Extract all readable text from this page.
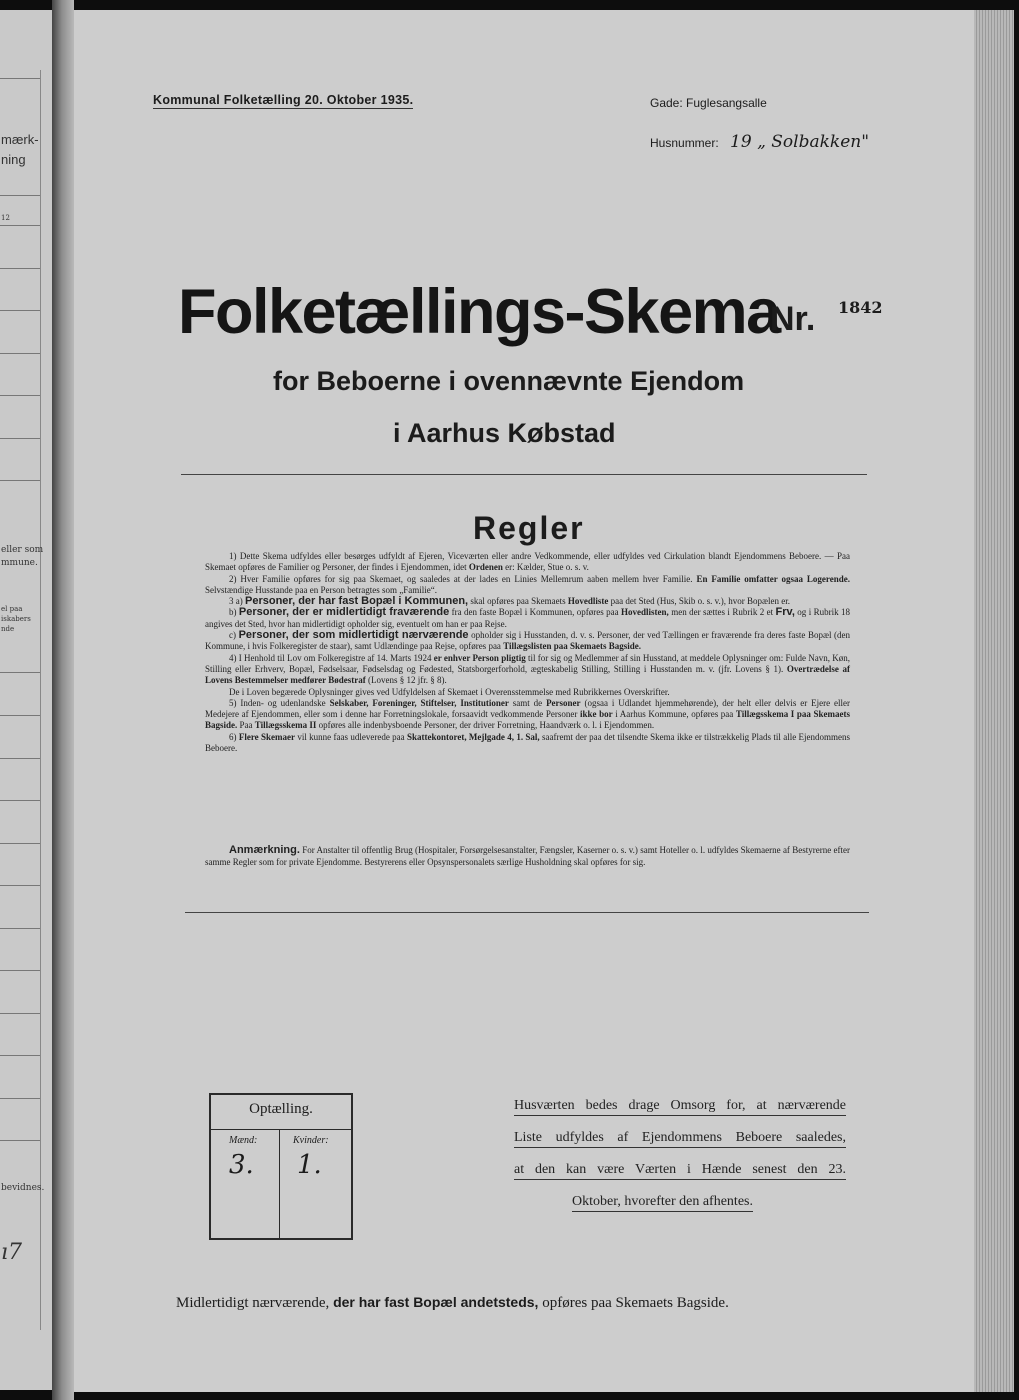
mærk-
ning
12
eller som
mmune.
el paa
iskabers
nde
bevidnes.
ı7
Kommunal Folketælling 20. Oktober 1935.	Gade: Fuglesangsalle
Husnummer: 19 „ Solbakken"
Folketællings-Skema
Nr. 1842
for Beboerne i ovennævnte Ejendom
i Aarhus Købstad
Regler

1) Dette Skema udfyldes eller besørges udfyldt af Ejeren, Viceværten eller andre Vedkommende, eller udfyldes ved Cirkulation blandt Ejendommens Beboere. — Paa Skemaet opføres de Familier og Personer, der findes i Ejendommen, idet Ordenen er: Kælder, Stue o. s. v.

2) Hver Familie opføres for sig paa Skemaet, og saaledes at der lades en Linies Mellemrum aaben mellem hver Familie. En Familie omfatter ogsaa Logerende. Selvstændige Husstande paa en Person betragtes som „Familie“.

3 a) Personer, der har fast Bopæl i Kommunen, skal opføres paa Skemaets Hovedliste paa det Sted (Hus, Skib o. s. v.), hvor Bopælen er.

b) Personer, der er midlertidigt fraværende fra den faste Bopæl i Kommunen, opføres paa Hovedlisten, men der sættes i Rubrik 2 et Frv, og i Rubrik 18 angives det Sted, hvor han midlertidigt opholder sig, eventuelt om han er paa Rejse.

c) Personer, der som midlertidigt nærværende opholder sig i Husstanden, d. v. s. Personer, der ved Tællingen er fraværende fra deres faste Bopæl (den Kommune, i hvis Folkeregister de staar), samt Udlændinge paa Rejse, opføres paa Tillægslisten paa Skemaets Bagside.

4) I Henhold til Lov om Folkeregistre af 14. Marts 1924 er enhver Person pligtig til for sig og Medlemmer af sin Husstand, at meddele Oplysninger om: Fulde Navn, Køn, Stilling eller Erhverv, Bopæl, Fødselsaar, Fødselsdag og Fødested, Statsborgerforhold, ægteskabelig Stilling, Stilling i Husstanden m. v. (jfr. Lovens § 1). Overtrædelse af Lovens Bestemmelser medfører Bødestraf (Lovens § 12 jfr. § 8).

De i Loven begærede Oplysninger gives ved Udfyldelsen af Skemaet i Overensstemmelse med Rubrikkernes Overskrifter.

5) Inden- og udenlandske Selskaber, Foreninger, Stiftelser, Institutioner samt de Personer (ogsaa i Udlandet hjemmehørende), der helt eller delvis er Ejere eller Medejere af Ejendommen, eller som i denne har Forretningslokale, forsaavidt vedkommende Personer ikke bor i Aarhus Kommune, opføres paa Tillægsskema I paa Skemaets Bagside. Paa Tillægsskema II opføres alle indenbysboende Personer, der driver Forretning, Haandværk o. l. i Ejendommen.

6) Flere Skemaer vil kunne faas udleverede paa Skattekontoret, Mejlgade 4, 1. Sal, saafremt der paa det tilsendte Skema ikke er tilstrækkelig Plads til alle Ejendommens Beboere.

Anmærkning. For Anstalter til offentlig Brug (Hospitaler, Forsørgelsesanstalter, Fængsler, Kaserner o. s. v.) samt Hoteller o. l. udfyldes Skemaerne af Bestyrerne efter samme Regler som for private Ejendomme. Bestyrerens eller Opsynspersonalets særlige Husholdning skal opføres for sig.
Optælling.
Mænd:	Kvinder:
3. 1.
Husværten bedes drage Omsorg for, at nærværende
Liste udfyldes af Ejendommens Beboere saaledes,
at den kan være Værten i Hænde senest den 23.
Oktober, hvorefter den afhentes.
Midlertidigt nærværende, der har fast Bopæl andetsteds, opføres paa Skemaets Bagside.
